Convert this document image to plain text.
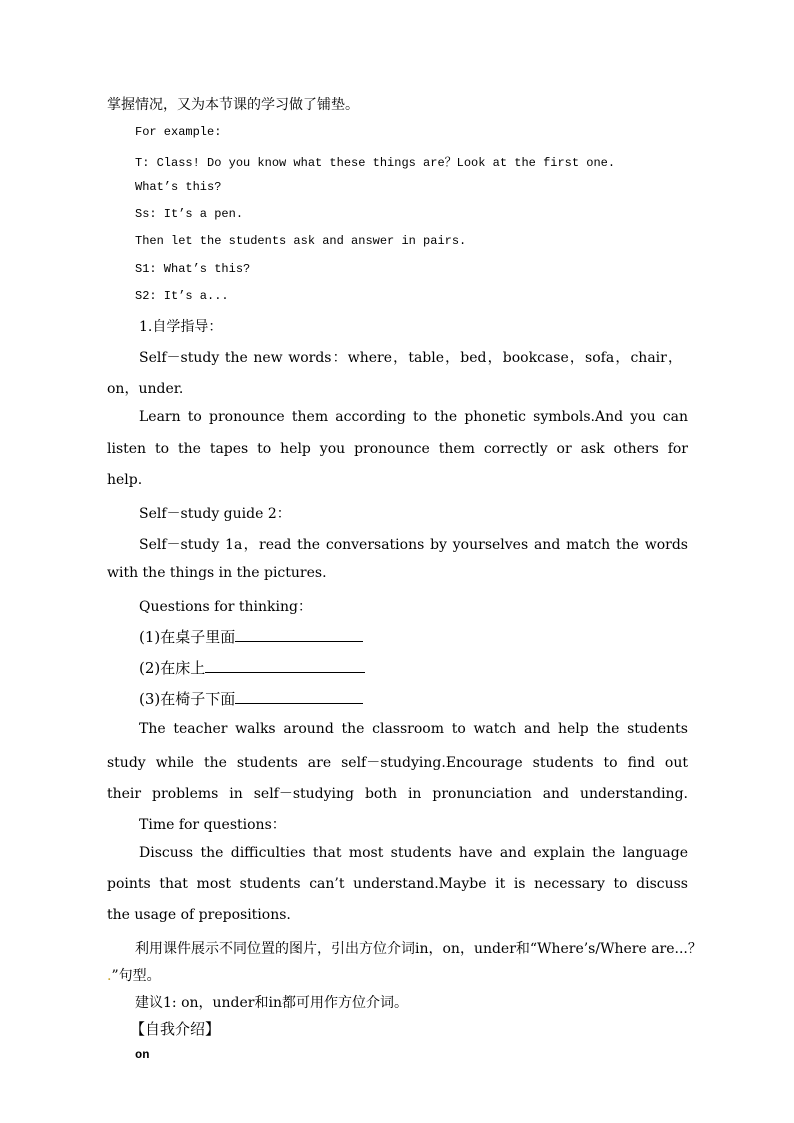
掌握情况，又为本节课的学习做了铺垫。
For example:
T: Class! Do you know what these things are？Look at the first one.
What’s this?
Ss: It’s a pen.
Then let the students ask and answer in pairs.
S1: What’s this?
S2: It’s a...
1.自学指导：
Self－study the new words：where，table，bed，bookcase，sofa，chair，
on，under.
Learn to pronounce them according to the phonetic symbols.And you can
listen to the tapes to help you pronounce them correctly or ask others for
help.
Self－study guide 2：
Self－study 1a，read the conversations by yourselves and match the words
with the things in the pictures.
Questions for thinking：
(1)在桌子里面
(2)在床上
(3)在椅子下面
The teacher walks around the classroom to watch and help the students
study while the students are self－studying.Encourage students to find out
their problems in self－studying both in pronunciation and understanding.
Time for questions：
Discuss the difficulties that most students have and explain the language
points that most students can’t understand.Maybe it is necessary to discuss
the usage of prepositions.
利用课件展示不同位置的图片，引出方位介词in，on，under和“Where’s/Where are...？
.”句型。
建议1: on，under和in都可用作方位介词。
【自我介绍】
on
